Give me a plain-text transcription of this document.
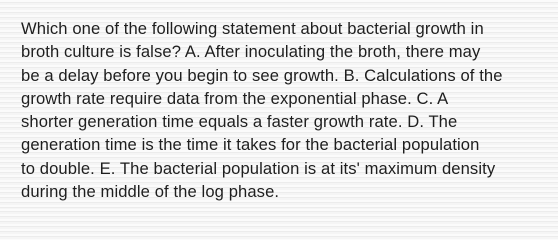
Which one of the following statement about bacterial growth in
broth culture is false? A. After inoculating the broth, there may
be a delay before you begin to see growth. B. Calculations of the
growth rate require data from the exponential phase. C. A
shorter generation time equals a faster growth rate. D. The
generation time is the time it takes for the bacterial population
to double. E. The bacterial population is at its' maximum density
during the middle of the log phase.
